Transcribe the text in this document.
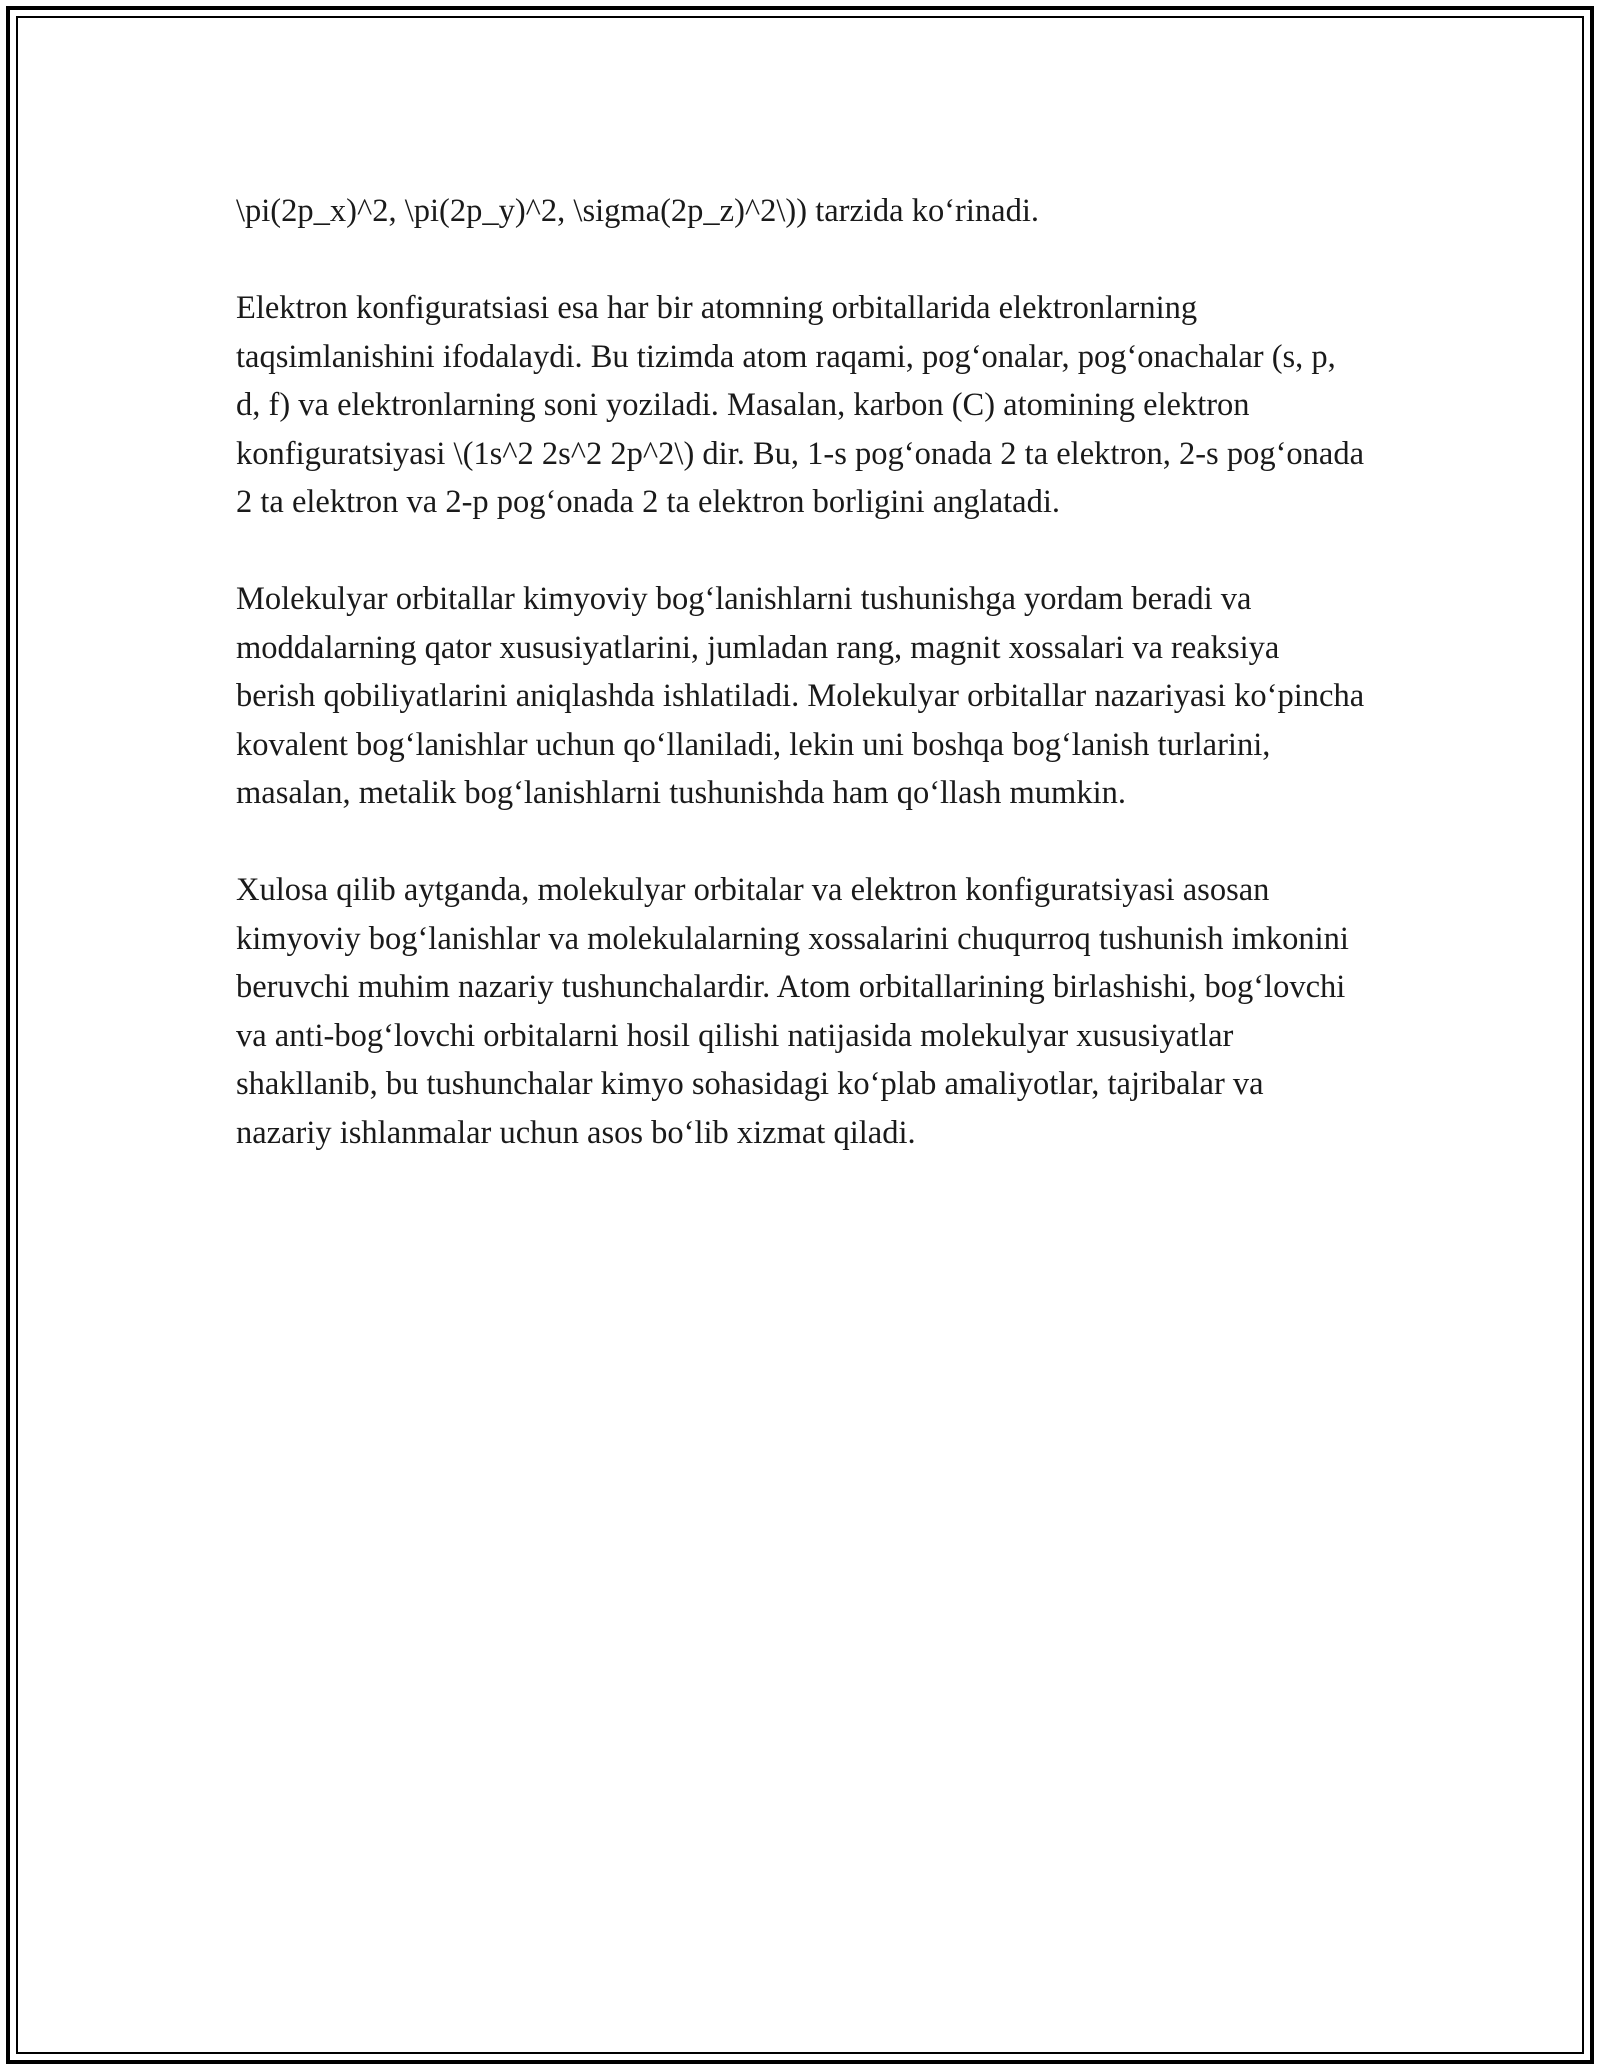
\pi(2p_x)^2, \pi(2p_y)^2, \sigma(2p_z)^2\)) tarzida ko‘rinadi.

Elektron konfiguratsiasi esa har bir atomning orbitallarida elektronlarning taqsimlanishini ifodalaydi. Bu tizimda atom raqami, pog‘onalar, pog‘onachalar (s, p, d, f) va elektronlarning soni yoziladi. Masalan, karbon (C) atomining elektron konfiguratsiyasi \(1s^2 2s^2 2p^2\) dir. Bu, 1-s pog‘onada 2 ta elektron, 2-s pog‘onada 2 ta elektron va 2-p pog‘onada 2 ta elektron borligini anglatadi.

Molekulyar orbitallar kimyoviy bog‘lanishlarni tushunishga yordam beradi va moddalarning qator xususiyatlarini, jumladan rang, magnit xossalari va reaksiya berish qobiliyatlarini aniqlashda ishlatiladi. Molekulyar orbitallar nazariyasi ko‘pincha kovalent bog‘lanishlar uchun qo‘llaniladi, lekin uni boshqa bog‘lanish turlarini, masalan, metalik bog‘lanishlarni tushunishda ham qo‘llash mumkin.

Xulosa qilib aytganda, molekulyar orbitalar va elektron konfiguratsiyasi asosan kimyoviy bog‘lanishlar va molekulalarning xossalarini chuqurroq tushunish imkonini beruvchi muhim nazariy tushunchalardir. Atom orbitallarining birlashishi, bog‘lovchi va anti-bog‘lovchi orbitalarni hosil qilishi natijasida molekulyar xususiyatlar shakllanib, bu tushunchalar kimyo sohasidagi ko‘plab amaliyotlar, tajribalar va nazariy ishlanmalar uchun asos bo‘lib xizmat qiladi.
